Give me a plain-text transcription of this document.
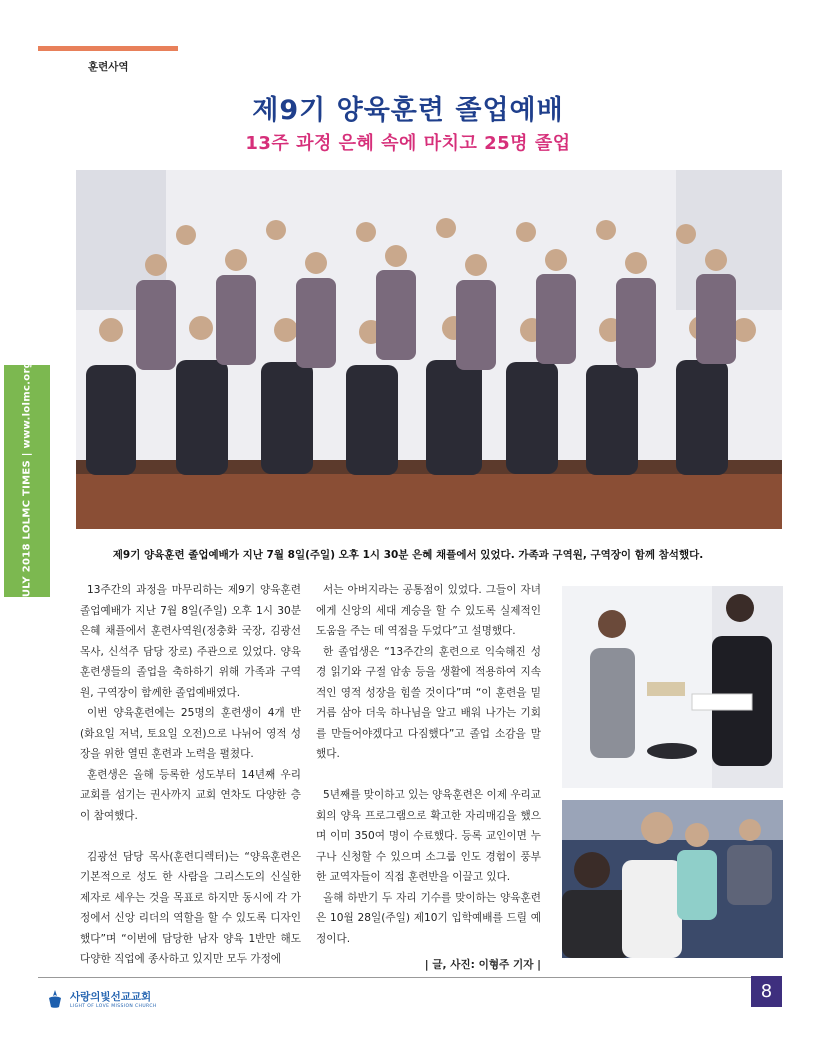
훈련사역
제9기 양육훈련 졸업예배
13주 과정 은혜 속에 마치고 25명 졸업
JULY 2018 LOLMC TIMES | www.lolmc.org	제9기 양육훈련 졸업예배가 지난 7월 8일(주일) 오후 1시 30분 은혜 채플에서 있었다. 가족과 구역원, 구역장이 함께 참석했다.

13주간의 과정을 마무리하는 제9기 양육훈련 졸업예배가 지난 7월 8일(주일) 오후 1시 30분 은혜 채플에서 훈련사역원(정충화 국장, 김광선 목사, 신석주 담당 장로) 주관으로 있었다. 양육훈련생들의 졸업을 축하하기 위해 가족과 구역원, 구역장이 함께한 졸업예배였다.

이번 양육훈련에는 25명의 훈련생이 4개 반(화요일 저녁, 토요일 오전)으로 나뉘어 영적 성장을 위한 열띤 훈련과 노력을 펼쳤다.

훈련생은 올해 등록한 성도부터 14년째 우리교회를 섬기는 권사까지 교회 연차도 다양한 층이 참여했다.

김광선 담당 목사(훈련디렉터)는 “양육훈련은 기본적으로 성도 한 사람을 그리스도의 신실한 제자로 세우는 것을 목표로 하지만 동시에 각 가정에서 신앙 리더의 역할을 할 수 있도록 디자인했다”며 “이번에 담당한 남자 양육 1반만 해도 다양한 직업에 종사하고 있지만 모두 가정에

서는 아버지라는 공통점이 있었다. 그들이 자녀에게 신앙의 세대 계승을 할 수 있도록 실제적인 도움을 주는 데 역점을 두었다”고 설명했다.

한 졸업생은 “13주간의 훈련으로 익숙해진 성경 읽기와 구절 암송 등을 생활에 적용하여 지속적인 영적 성장을 힘쓸 것이다”며 “이 훈련을 밑거름 삼아 더욱 하나님을 알고 배워 나가는 기회를 만들어야겠다고 다짐했다”고 졸업 소감을 말했다.

5년째를 맞이하고 있는 양육훈련은 이제 우리교회의 양육 프로그램으로 확고한 자리매김을 했으며 이미 350여 명이 수료했다. 등록 교인이면 누구나 신청할 수 있으며 소그룹 인도 경험이 풍부한 교역자들이 직접 훈련반을 이끌고 있다.

올해 하반기 두 자리 기수를 맞이하는 양육훈련은 10월 28일(주일) 제10기 입학예배를 드릴 예정이다.

| 글, 사진: 이형주 기자 |

사랑의빛선교교회
LIGHT OF LOVE MISSION CHURCH
8
